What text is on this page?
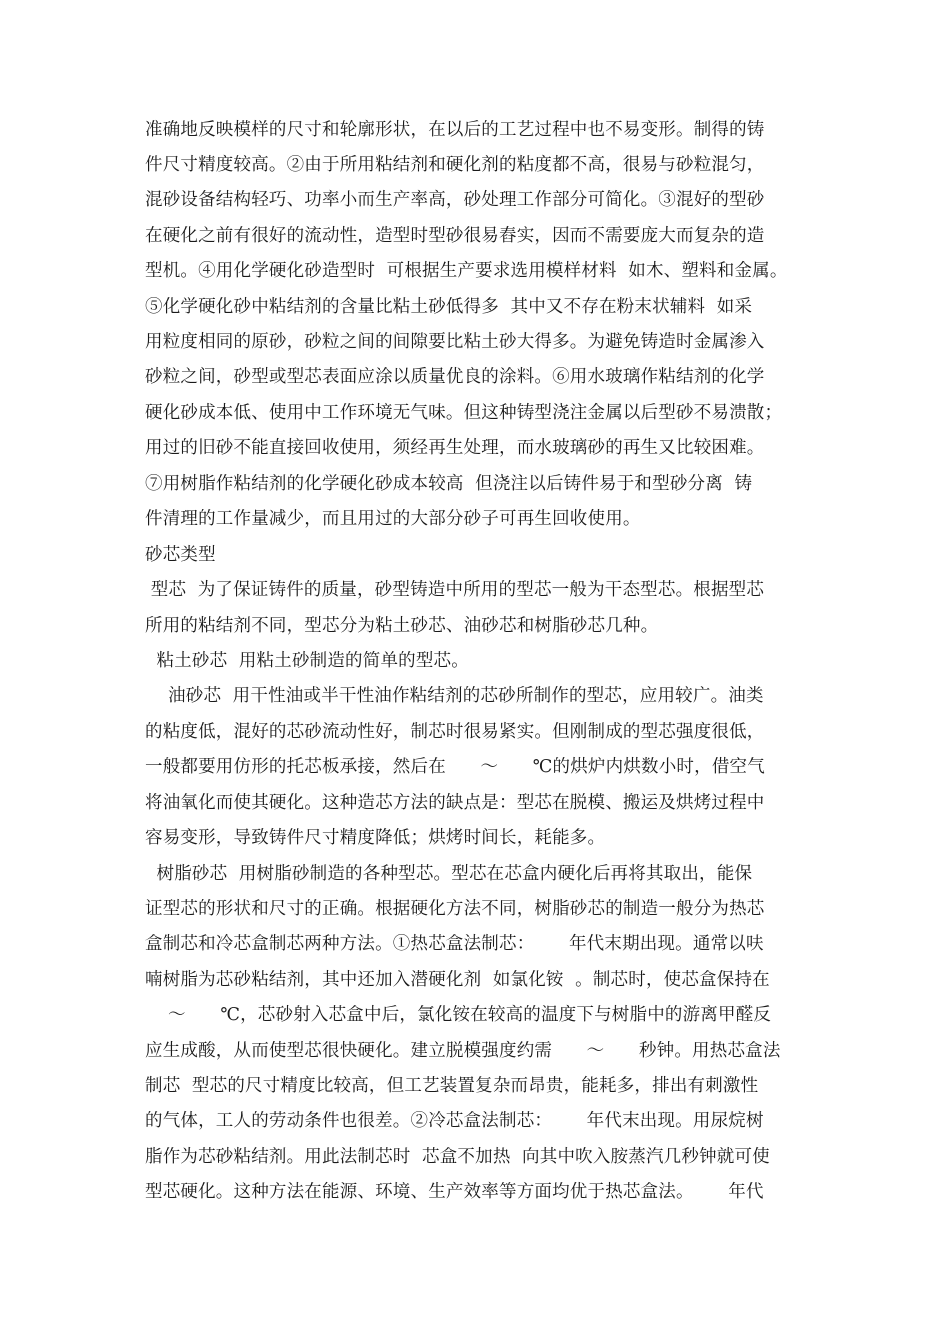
准确地反映模样的尺寸和轮廓形状，在以后的工艺过程中也不易变形。制得的铸
件尺寸精度较高。②由于所用粘结剂和硬化剂的粘度都不高，很易与砂粒混匀，
混砂设备结构轻巧、功率小而生产率高，砂处理工作部分可简化。③混好的型砂
在硬化之前有很好的流动性，造型时型砂很易舂实，因而不需要庞大而复杂的造
型机。④用化学硬化砂造型时  可根据生产要求选用模样材料  如木、塑料和金属。
⑤化学硬化砂中粘结剂的含量比粘土砂低得多  其中又不存在粉末状辅料  如采
用粒度相同的原砂，砂粒之间的间隙要比粘土砂大得多。为避免铸造时金属渗入
砂粒之间，砂型或型芯表面应涂以质量优良的涂料。⑥用水玻璃作粘结剂的化学
硬化砂成本低、使用中工作环境无气味。但这种铸型浇注金属以后型砂不易溃散；
用过的旧砂不能直接回收使用，须经再生处理，而水玻璃砂的再生又比较困难。
⑦用树脂作粘结剂的化学硬化砂成本较高  但浇注以后铸件易于和型砂分离  铸
件清理的工作量减少，而且用过的大部分砂子可再生回收使用。
砂芯类型
型芯  为了保证铸件的质量，砂型铸造中所用的型芯一般为干态型芯。根据型芯
所用的粘结剂不同，型芯分为粘土砂芯、油砂芯和树脂砂芯几种。
粘土砂芯  用粘土砂制造的简单的型芯。
油砂芯  用干性油或半干性油作粘结剂的芯砂所制作的型芯，应用较广。油类
的粘度低，混好的芯砂流动性好，制芯时很易紧实。但刚制成的型芯强度很低，
一般都要用仿形的托芯板承接，然后在      ～      ℃的烘炉内烘数小时，借空气
将油氧化而使其硬化。这种造芯方法的缺点是：型芯在脱模、搬运及烘烤过程中
容易变形，导致铸件尺寸精度降低；烘烤时间长，耗能多。
树脂砂芯  用树脂砂制造的各种型芯。型芯在芯盒内硬化后再将其取出，能保
证型芯的形状和尺寸的正确。根据硬化方法不同，树脂砂芯的制造一般分为热芯
盒制芯和冷芯盒制芯两种方法。①热芯盒法制芯：      年代末期出现。通常以呋
喃树脂为芯砂粘结剂，其中还加入潜硬化剂  如氯化铵  。制芯时，使芯盒保持在
～      ℃，芯砂射入芯盒中后，氯化铵在较高的温度下与树脂中的游离甲醛反
应生成酸，从而使型芯很快硬化。建立脱模强度约需      ～      秒钟。用热芯盒法
制芯  型芯的尺寸精度比较高，但工艺装置复杂而昂贵，能耗多，排出有刺激性
的气体，工人的劳动条件也很差。②冷芯盒法制芯：      年代末出现。用尿烷树
脂作为芯砂粘结剂。用此法制芯时  芯盒不加热  向其中吹入胺蒸汽几秒钟就可使
型芯硬化。这种方法在能源、环境、生产效率等方面均优于热芯盒法。      年代
